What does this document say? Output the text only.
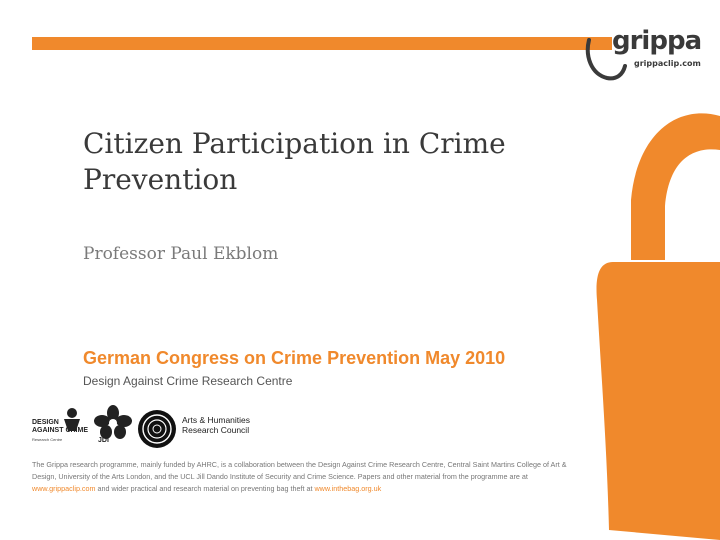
grippa
grippaclip.com
Citizen Participation in Crime Prevention
Professor Paul Ekblom
German Congress on Crime Prevention May 2010
Design Against Crime Research Centre
DESIGN
AGAINST CRIME
Research Centre	JDI
Arts & Humanities
Research Council
The Grippa research programme, mainly funded by AHRC, is a collaboration between the Design Against Crime Research Centre, Central Saint Martins College of Art & Design, University of the Arts London, and the UCL Jill Dando Institute of Security and Crime Science. Papers and other material from the programme are at www.grippaclip.com and wider practical and research material on preventing bag theft at www.inthebag.org.uk
